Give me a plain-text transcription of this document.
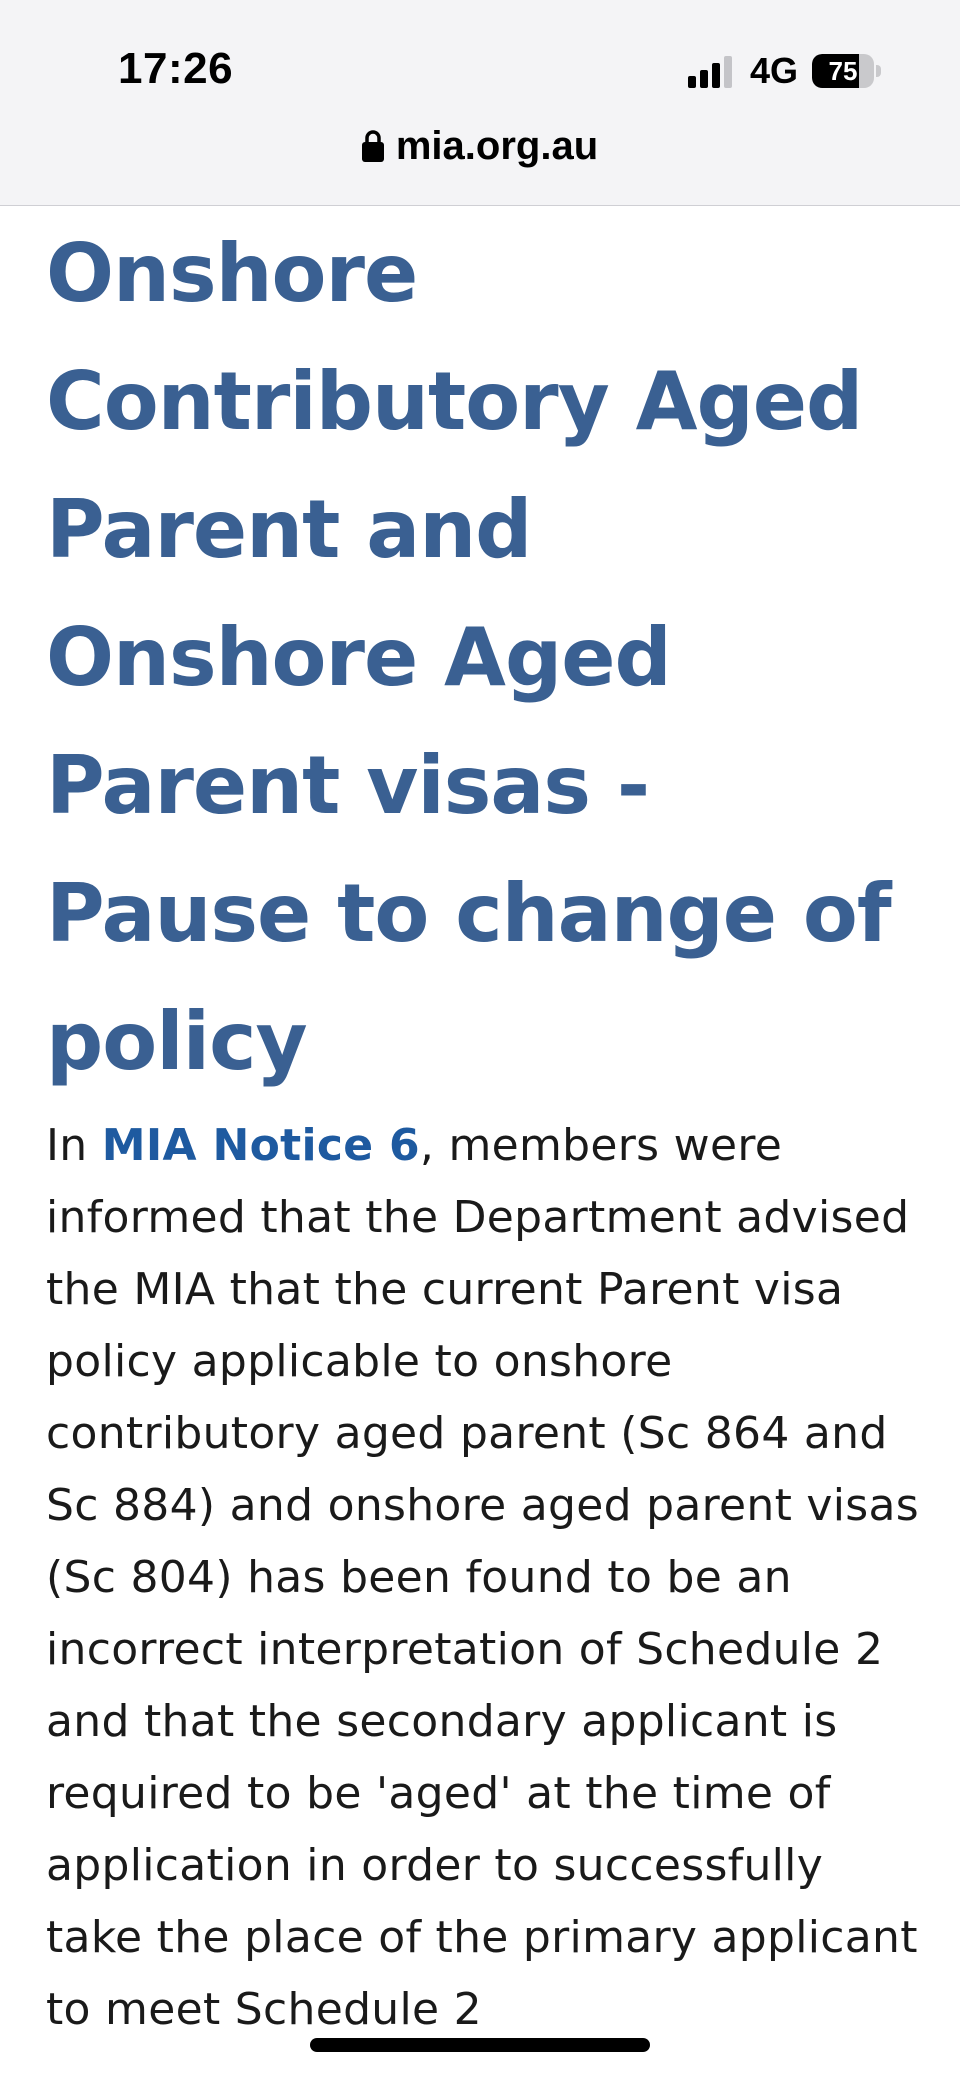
17:26	4G	75
mia.org.au
Onshore Contributory Aged Parent and Onshore Aged Parent visas - Pause to change of policy

In MIA Notice 6, members were informed that the Department advised the MIA that the current Parent visa policy applicable to onshore contributory aged parent (Sc 864 and Sc 884) and onshore aged parent visas (Sc 804) has been found to be an incorrect interpretation of Schedule 2 and that the secondary applicant is required to be 'aged' at the time of application in order to successfully take the place of the primary applicant to meet Schedule 2
